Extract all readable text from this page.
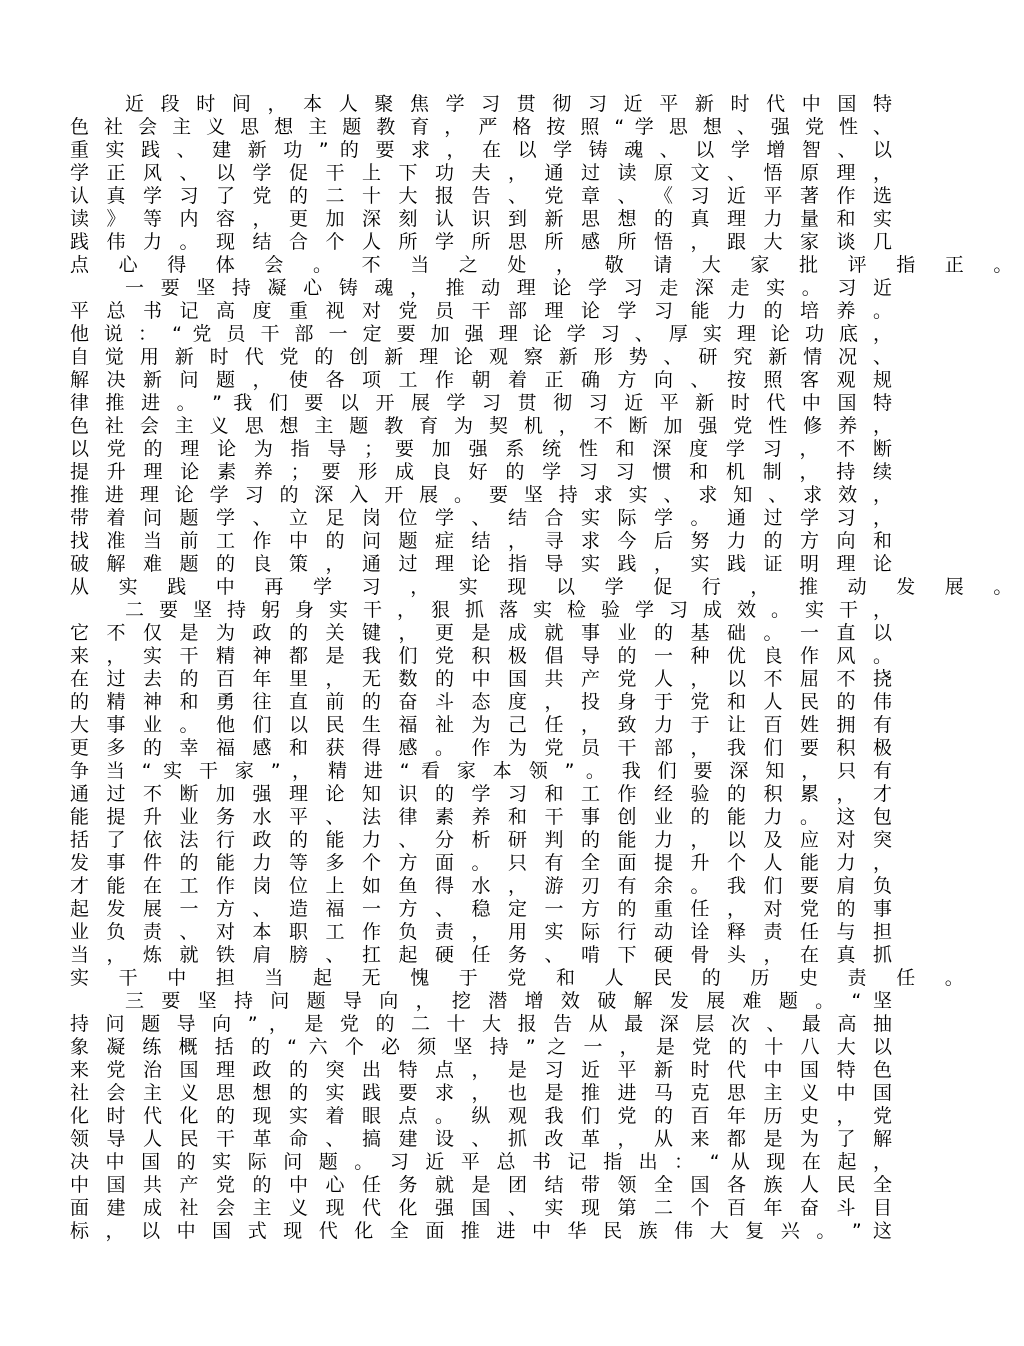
近 段 时 间 ， 本 人 聚 焦 学 习 贯 彻 习 近 平 新 时 代 中 国 特
色 社 会 主 义 思 想 主 题 教 育 ， 严 格 按 照 “ 学 思 想 、 强 党 性 、
重 实 践 、 建 新 功 ” 的 要 求 ， 在 以 学 铸 魂 、 以 学 增 智 、 以
学 正 风 、 以 学 促 干 上 下 功 夫 ， 通 过 读 原 文 、 悟 原 理 ，
认 真 学 习 了 党 的 二 十 大 报 告 、 党 章 、 《 习 近 平 著 作 选
读 》 等 内 容 ， 更 加 深 刻 认 识 到 新 思 想 的 真 理 力 量 和 实
践 伟 力 。 现 结 合 个 人 所 学 所 思 所 感 所 悟 ， 跟 大 家 谈 几
点 心 得 体 会 。 不 当 之 处 ， 敬 请 大 家 批 评 指 正 。
一 要 坚 持 凝 心 铸 魂 ， 推 动 理 论 学 习 走 深 走 实 。 习 近
平 总 书 记 高 度 重 视 对 党 员 干 部 理 论 学 习 能 力 的 培 养 。
他 说 ： “ 党 员 干 部 一 定 要 加 强 理 论 学 习 、 厚 实 理 论 功 底 ，
自 觉 用 新 时 代 党 的 创 新 理 论 观 察 新 形 势 、 研 究 新 情 况 、
解 决 新 问 题 ， 使 各 项 工 作 朝 着 正 确 方 向 、 按 照 客 观 规
律 推 进 。 ” 我 们 要 以 开 展 学 习 贯 彻 习 近 平 新 时 代 中 国 特
色 社 会 主 义 思 想 主 题 教 育 为 契 机 ， 不 断 加 强 党 性 修 养 ，
以 党 的 理 论 为 指 导 ； 要 加 强 系 统 性 和 深 度 学 习 ， 不 断
提 升 理 论 素 养 ； 要 形 成 良 好 的 学 习 习 惯 和 机 制 ， 持 续
推 进 理 论 学 习 的 深 入 开 展 。 要 坚 持 求 实 、 求 知 、 求 效 ，
带 着 问 题 学 、 立 足 岗 位 学 、 结 合 实 际 学 。 通 过 学 习 ，
找 准 当 前 工 作 中 的 问 题 症 结 ， 寻 求 今 后 努 力 的 方 向 和
破 解 难 题 的 良 策 ， 通 过 理 论 指 导 实 践 ， 实 践 证 明 理 论
从 实 践 中 再 学 习 ， 实 现 以 学 促 行 ， 推 动 发 展 。
二 要 坚 持 躬 身 实 干 ， 狠 抓 落 实 检 验 学 习 成 效 。 实 干 ，
它 不 仅 是 为 政 的 关 键 ， 更 是 成 就 事 业 的 基 础 。 一 直 以
来 ， 实 干 精 神 都 是 我 们 党 积 极 倡 导 的 一 种 优 良 作 风 。
在 过 去 的 百 年 里 ， 无 数 的 中 国 共 产 党 人 ， 以 不 屈 不 挠
的 精 神 和 勇 往 直 前 的 奋 斗 态 度 ， 投 身 于 党 和 人 民 的 伟
大 事 业 。 他 们 以 民 生 福 祉 为 己 任 ， 致 力 于 让 百 姓 拥 有
更 多 的 幸 福 感 和 获 得 感 。 作 为 党 员 干 部 ， 我 们 要 积 极
争 当 “ 实 干 家 ” ， 精 进 “ 看 家 本 领 ” 。 我 们 要 深 知 ， 只 有
通 过 不 断 加 强 理 论 知 识 的 学 习 和 工 作 经 验 的 积 累 ， 才
能 提 升 业 务 水 平 、 法 律 素 养 和 干 事 创 业 的 能 力 。 这 包
括 了 依 法 行 政 的 能 力 、 分 析 研 判 的 能 力 ， 以 及 应 对 突
发 事 件 的 能 力 等 多 个 方 面 。 只 有 全 面 提 升 个 人 能 力 ，
才 能 在 工 作 岗 位 上 如 鱼 得 水 ， 游 刃 有 余 。 我 们 要 肩 负
起 发 展 一 方 、 造 福 一 方 、 稳 定 一 方 的 重 任 ， 对 党 的 事
业 负 责 、 对 本 职 工 作 负 责 ， 用 实 际 行 动 诠 释 责 任 与 担
当 ， 炼 就 铁 肩 膀 、 扛 起 硬 任 务 、 啃 下 硬 骨 头 ， 在 真 抓
实 干 中 担 当 起 无 愧 于 党 和 人 民 的 历 史 责 任 。
三 要 坚 持 问 题 导 向 ， 挖 潜 增 效 破 解 发 展 难 题 。 “ 坚
持 问 题 导 向 ” ， 是 党 的 二 十 大 报 告 从 最 深 层 次 、 最 高 抽
象 凝 练 概 括 的 “ 六 个 必 须 坚 持 ” 之 一 ， 是 党 的 十 八 大 以
来 党 治 国 理 政 的 突 出 特 点 ， 是 习 近 平 新 时 代 中 国 特 色
社 会 主 义 思 想 的 实 践 要 求 ， 也 是 推 进 马 克 思 主 义 中 国
化 时 代 化 的 现 实 着 眼 点 。 纵 观 我 们 党 的 百 年 历 史 ， 党
领 导 人 民 干 革 命 、 搞 建 设 、 抓 改 革 ， 从 来 都 是 为 了 解
决 中 国 的 实 际 问 题 。 习 近 平 总 书 记 指 出 ： “ 从 现 在 起 ，
中 国 共 产 党 的 中 心 任 务 就 是 团 结 带 领 全 国 各 族 人 民 全
面 建 成 社 会 主 义 现 代 化 强 国 、 实 现 第 二 个 百 年 奋 斗 目
标 ， 以 中 国 式 现 代 化 全 面 推 进 中 华 民 族 伟 大 复 兴 。 ” 这
